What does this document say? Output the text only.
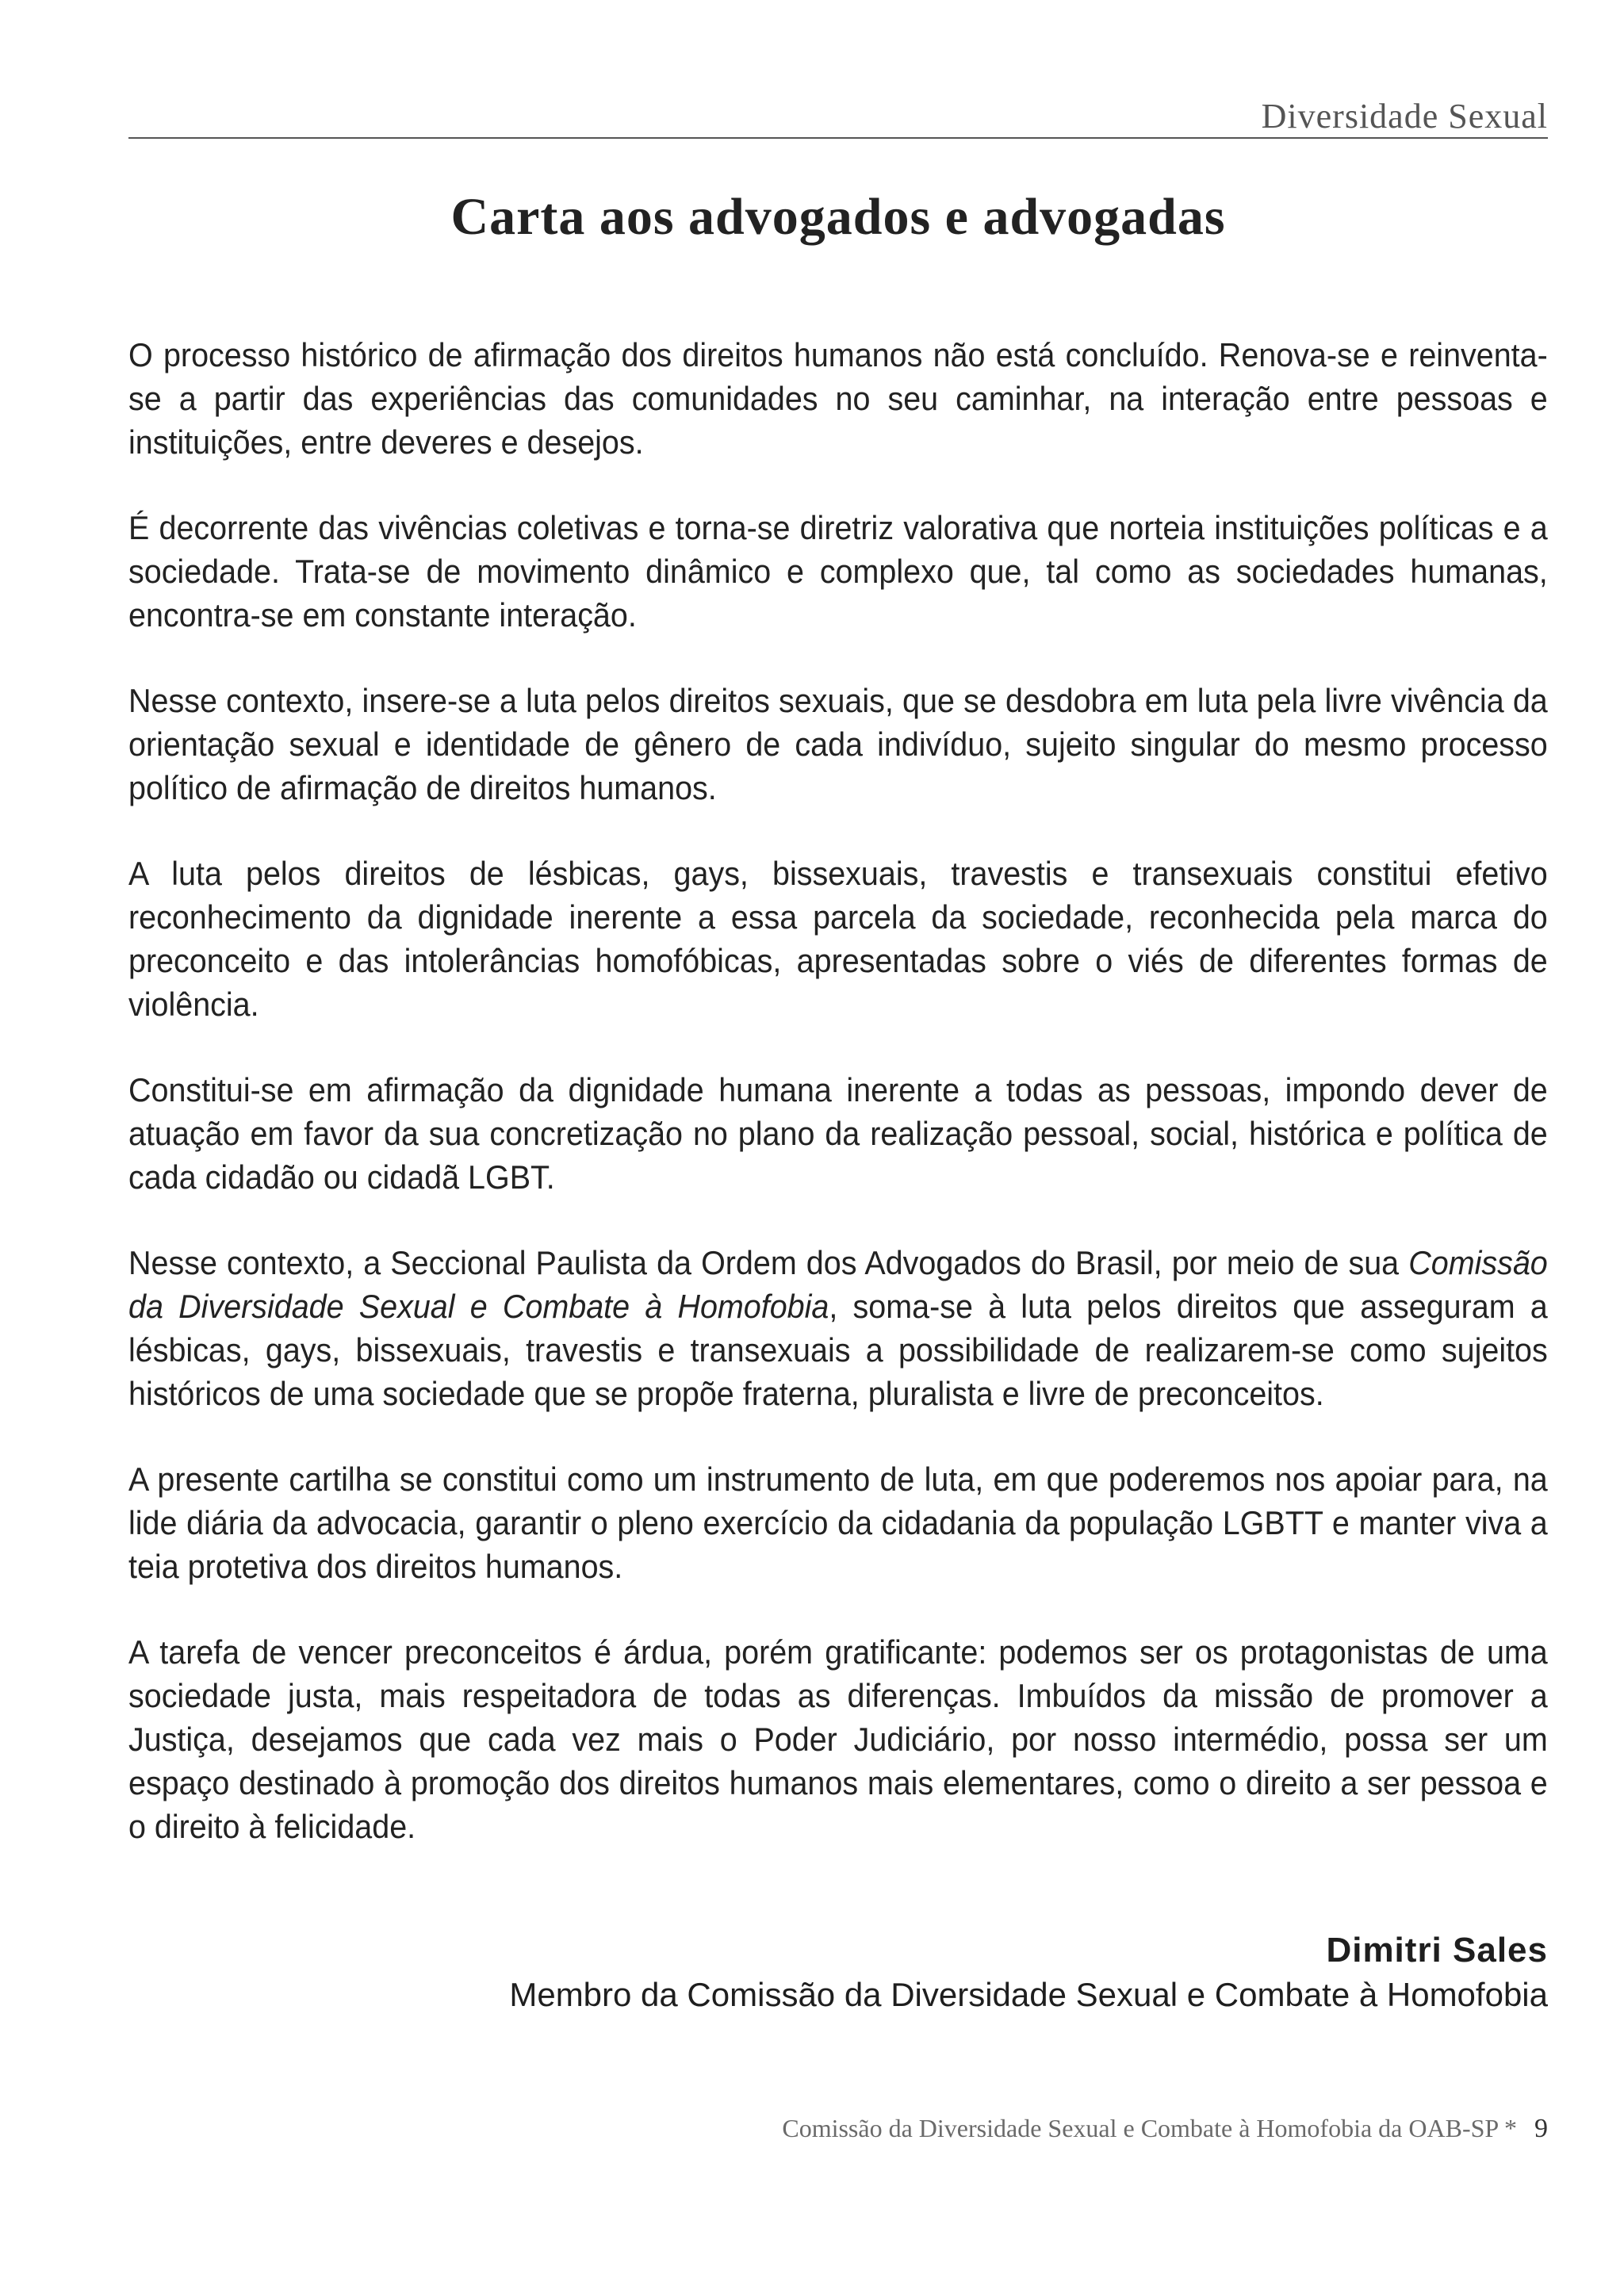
Diversidade Sexual
Carta aos advogados e advogadas

O processo histórico de afirmação dos direitos humanos não está concluído. Renova-se e reinventa-se a partir das experiências das comunidades no seu caminhar, na interação entre pessoas e instituições, entre deveres e desejos.

É decorrente das vivências coletivas e torna-se diretriz valorativa que norteia instituições políticas e a sociedade. Trata-se de movimento dinâmico e complexo que, tal como as sociedades humanas, encontra-se em constante interação.

Nesse contexto, insere-se a luta pelos direitos sexuais, que se desdobra em luta pela livre vivência da orientação sexual e identidade de gênero de cada indivíduo, sujeito singular do mesmo processo político de afirmação de direitos humanos.

A luta pelos direitos de lésbicas, gays, bissexuais, travestis e transexuais constitui efetivo reconhecimento da dignidade inerente a essa parcela da sociedade, reconhecida pela marca do preconceito e das intolerâncias homofóbicas, apresentadas sobre o viés de diferentes formas de violência.

Constitui-se em afirmação da dignidade humana inerente a todas as pessoas, impondo dever de atuação em favor da sua concretização no plano da realização pessoal, social, histórica e política de cada cidadão ou cidadã LGBT.

Nesse contexto, a Seccional Paulista da Ordem dos Advogados do Brasil, por meio de sua Comissão da Diversidade Sexual e Combate à Homofobia, soma-se à luta pelos direitos que asseguram a lésbicas, gays, bissexuais, travestis e transexuais a possibilidade de realizarem-se como sujeitos históricos de uma sociedade que se propõe fraterna, pluralista e livre de preconceitos.

A presente cartilha se constitui como um instrumento de luta, em que poderemos nos apoiar para, na lide diária da advocacia, garantir o pleno exercício da cidadania da população LGBTT e manter viva a teia protetiva dos direitos humanos.

A tarefa de vencer preconceitos é árdua, porém gratificante: podemos ser os protagonistas de uma sociedade justa, mais respeitadora de todas as diferenças. Imbuídos da missão de promover a Justiça, desejamos que cada vez mais o Poder Judiciário, por nosso intermédio, possa ser um espaço destinado à promoção dos direitos humanos mais elementares, como o direito a ser pessoa e o direito à felicidade.

Dimitri Sales
Membro da Comissão da Diversidade Sexual e Combate à Homofobia
Comissão da Diversidade Sexual e Combate à Homofobia da OAB-SP * 9
